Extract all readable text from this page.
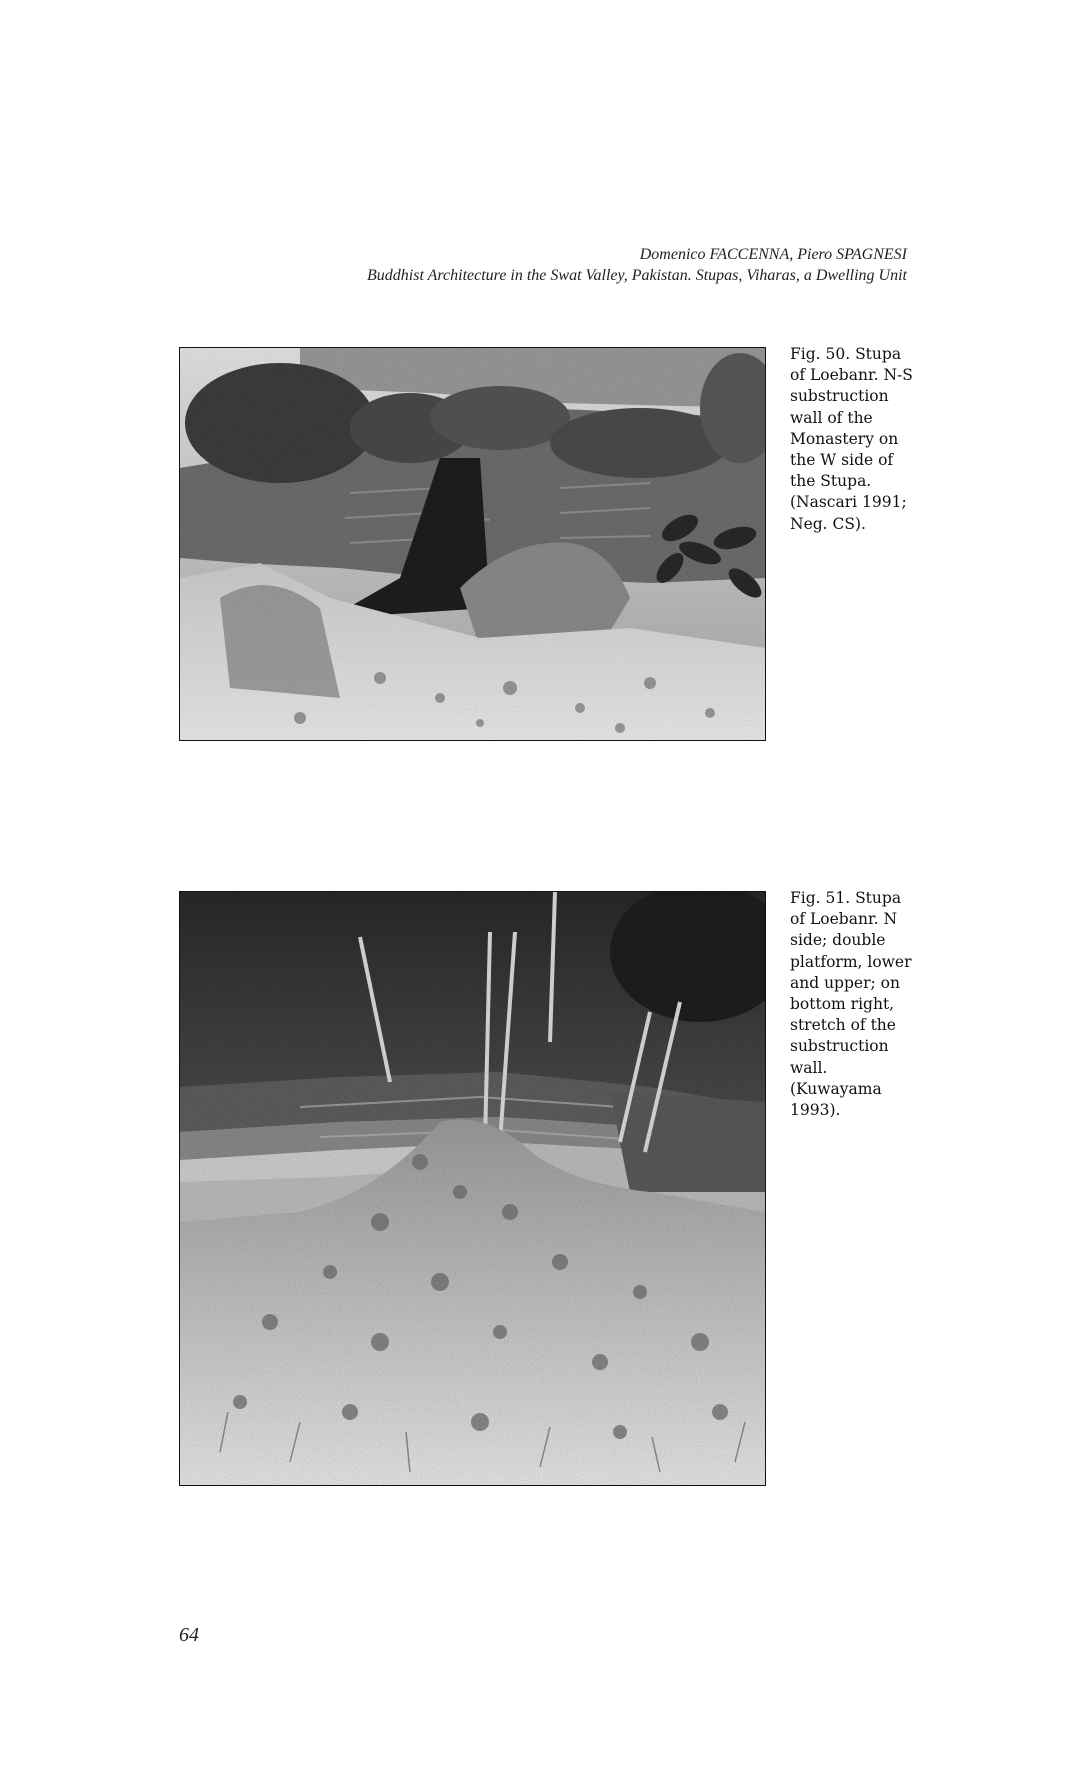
Domenico FACCENNA, Piero SPAGNESI
Buddhist Architecture in the Swat Valley, Pakistan. Stupas, Viharas, a Dwelling Unit
Fig. 50. Stupa of Loebanr. N-S substruction wall of the Monastery on the W side of the Stupa. (Nascari 1991; Neg. CS).
Fig. 51. Stupa of Loebanr. N side; double platform, lower and upper; on bottom right, stretch of the substruction wall. (Kuwayama 1993).
64
